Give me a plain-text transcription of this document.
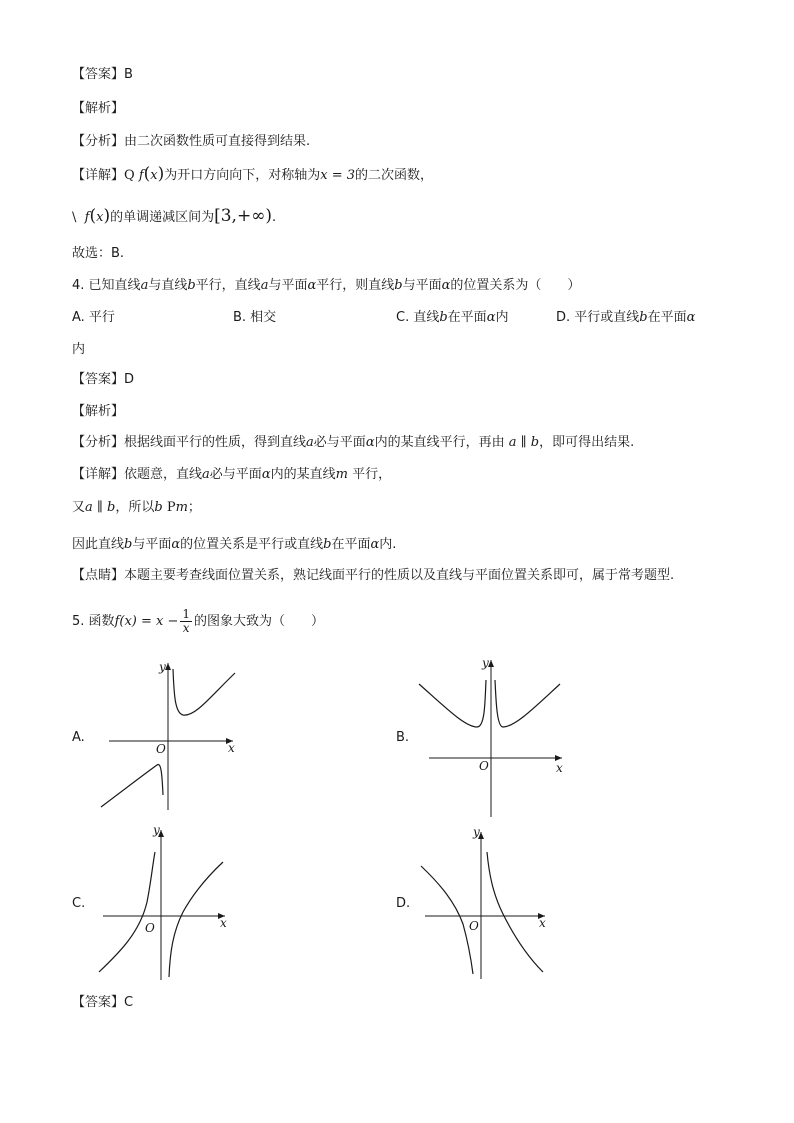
【答案】B
【解析】
【分析】由二次函数性质可直接得到结果.
【详解】Q f(x)为开口方向向下，对称轴为x = 3的二次函数，
\ f(x)的单调递减区间为[3,+∞).
故选：B.
4. 已知直线a与直线b平行，直线a与平面α平行，则直线b与平面α的位置关系为（　　）
A. 平行	B. 相交	C. 直线b在平面α内	D. 平行或直线b在平面α
内
【答案】D
【解析】
【分析】根据线面平行的性质，得到直线a必与平面α内的某直线平行，再由 a ∥ b，即可得出结果.
【详解】依题意，直线a必与平面α内的某直线m 平行，
又a ∥ b，所以b Pm；
因此直线b与平面α的位置关系是平行或直线b在平面α内.
【点睛】本题主要考查线面位置关系，熟记线面平行的性质以及直线与平面位置关系即可，属于常考题型.
5. 函数$f(x) = x - \frac{1}{x}$ 的图象大致为（　　）
A.	B.
C.	D.
x
y
O
x
y
O
x
y
O	x
y
O
【答案】C
